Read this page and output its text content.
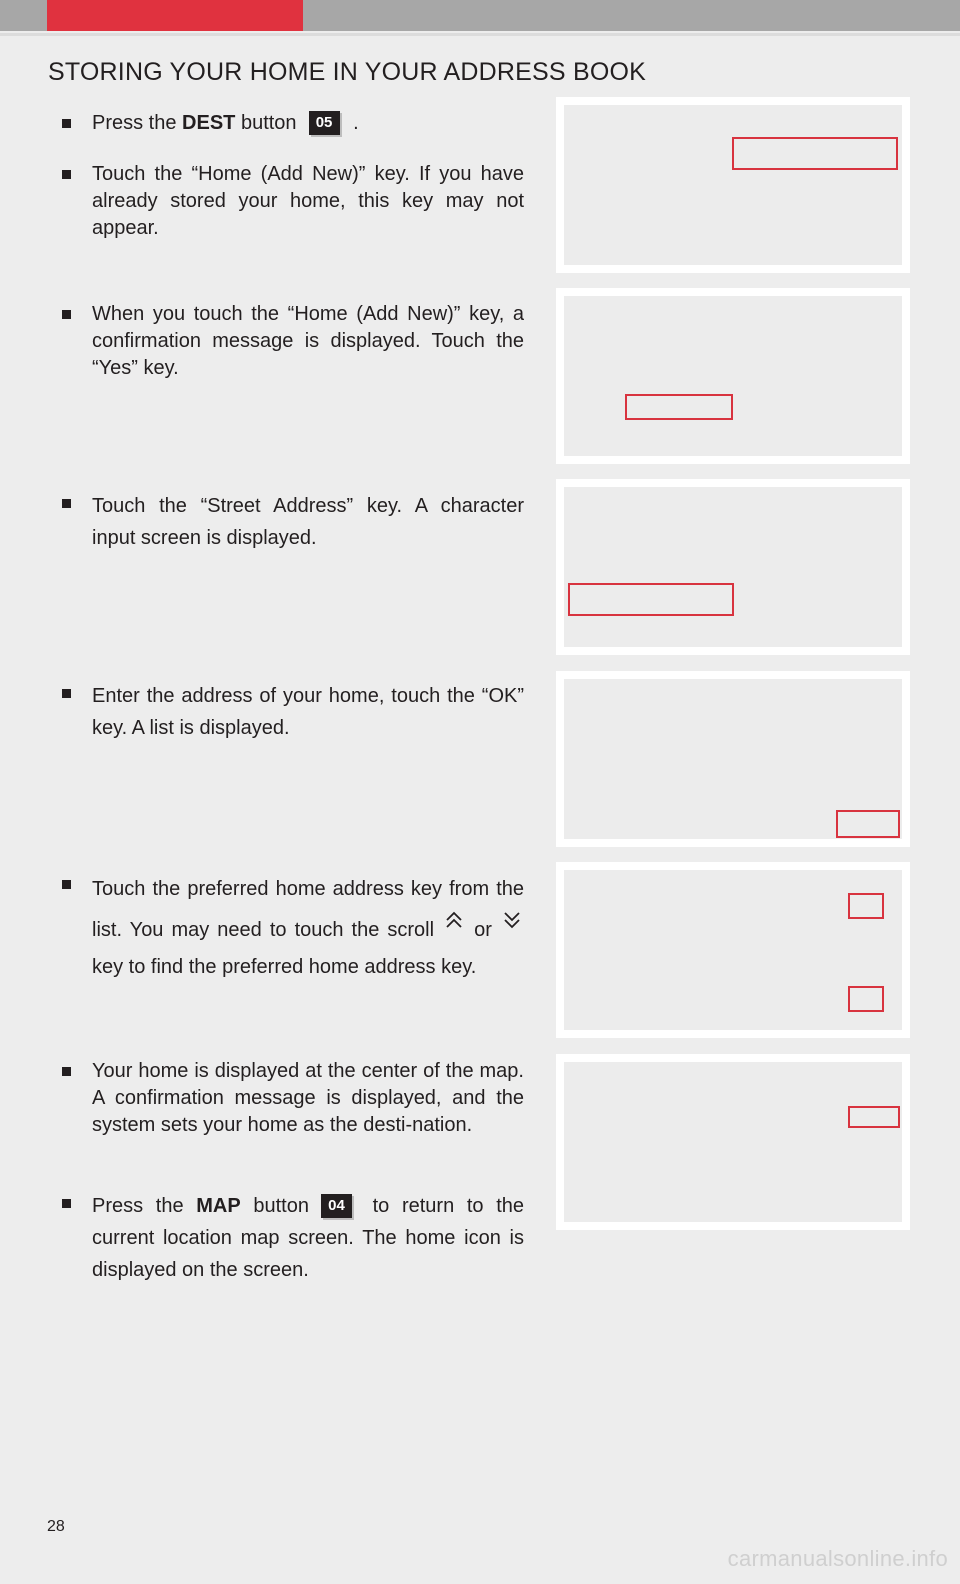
STORING YOUR HOME IN YOUR ADDRESS BOOK
Press the DEST button 05 .
Touch the “Home (Add New)” key. If you have already stored your home, this key may not appear.
When you touch the “Home (Add New)” key, a confirmation message is displayed. Touch the “Yes” key.
Touch the “Street Address” key. A character input screen is displayed.
Enter the address of your home, touch the “OK” key. A list is displayed.
Touch the preferred home address key from the list. You may need to touch the scroll  or  key to find the preferred home address key.
Your home is displayed at the center of the map. A confirmation message is displayed, and the system sets your home as the desti-nation.
Press the MAP button 04 to return to the current location map screen. The home icon is displayed on the screen.
28
carmanualsonline.info
